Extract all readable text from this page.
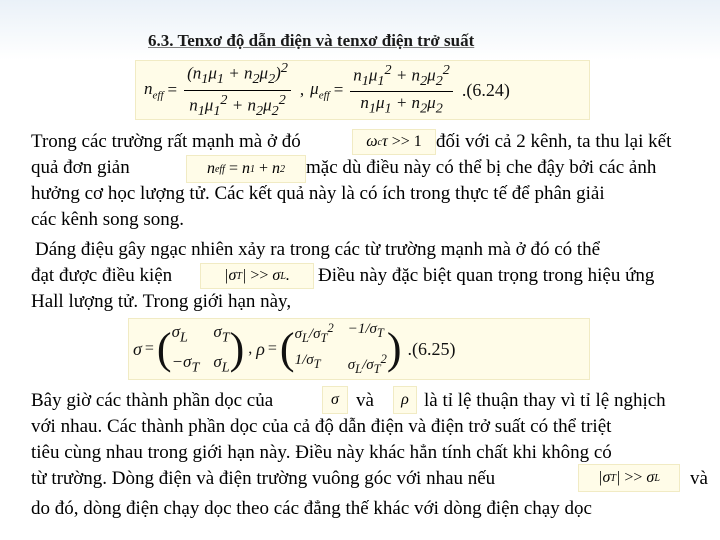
6.3. Tenxơ độ dẫn điện và tenxơ điện trở suất
$n_{eff} = \frac{(n_1\mu_1 + n_2\mu_2)^2}{n_1\mu_1^2 + n_2\mu_2^2}$ , $\mu_{eff} = \frac{n_1\mu_1^2 + n_2\mu_2^2}{n_1\mu_1 + n_2\mu_2} .(6.24)$
Trong các trường rất mạnh mà ở đó	ω c τ >> 1 đối với cả 2 kênh, ta thu lại kết
quả đơn giản	n eff
= n 1 + n 2 mặc dù điều này có thể bị che đậy bởi các ảnh
hưởng cơ học lượng tử. Các kết quả này là có ích trong thực tế để phân giải
các kênh song song.
Dáng điệu gây ngạc nhiên xảy ra trong các từ trường mạnh mà ở đó có thể
đạt được điều kiện	|σ T | >> σ L .	Điều này đặc biệt quan trọng trong hiệu ứng
Hall lượng tử. Trong giới hạn này,
σ = ( $\sigma_L$	$\sigma_T$
$-\sigma_T$ $\sigma_L$ ) , ρ = ( $\sigma_L/\sigma_T^2 -1/\sigma_T$
$1/\sigma_T$	$\sigma_L/\sigma_T^2$ ) .(6.25)
Bây giờ các thành phần dọc của	σ và	ρ là tỉ lệ thuận thay vì tỉ lệ nghịch
với nhau. Các thành phần dọc của cả độ dẫn điện và điện trở suất có thể triệt
tiêu cùng nhau trong giới hạn này. Điều này khác hẳn tính chất khi không có
từ trường. Dòng điện và điện trường vuông góc với nhau nếu	|σ T | >> σ L và
do đó, dòng điện chạy dọc theo các đẳng thế khác với dòng điện chạy dọc
